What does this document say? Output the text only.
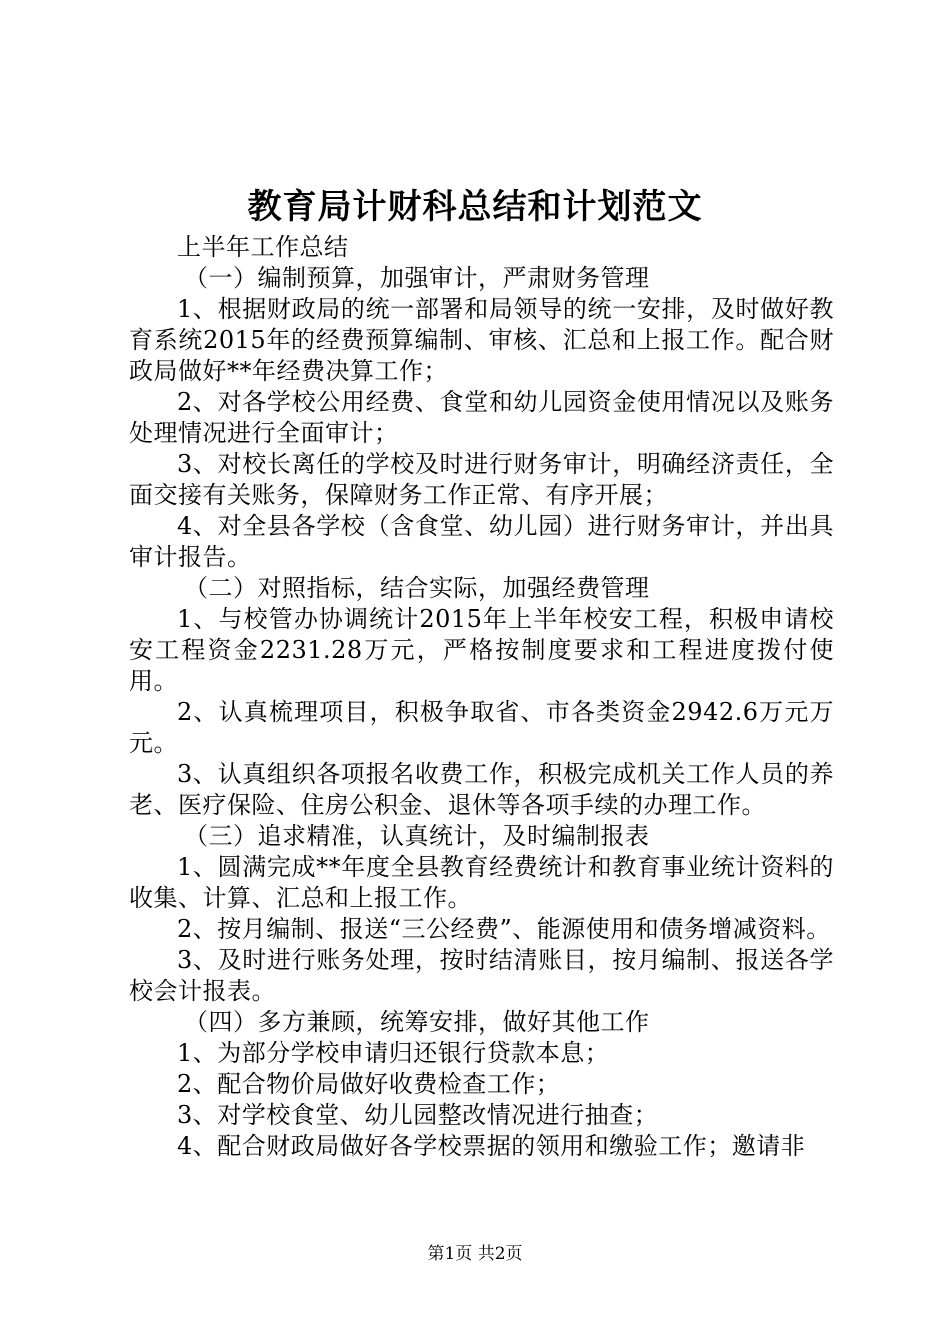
教育局计财科总结和计划范文

上半年工作总结

（一）编制预算，加强审计，严肃财务管理

1、根据财政局的统一部署和局领导的统一安排，及时做好教育系统2015年的经费预算编制、审核、汇总和上报工作。配合财政局做好**年经费决算工作；

2、对各学校公用经费、食堂和幼儿园资金使用情况以及账务处理情况进行全面审计；

3、对校长离任的学校及时进行财务审计，明确经济责任，全面交接有关账务，保障财务工作正常、有序开展；

4、对全县各学校（含食堂、幼儿园）进行财务审计，并出具审计报告。

（二）对照指标，结合实际，加强经费管理

1、与校管办协调统计2015年上半年校安工程，积极申请校安工程资金2231.28万元，严格按制度要求和工程进度拨付使用。

2、认真梳理项目，积极争取省、市各类资金2942.6万元万元。

3、认真组织各项报名收费工作，积极完成机关工作人员的养老、医疗保险、住房公积金、退休等各项手续的办理工作。

（三）追求精准，认真统计，及时编制报表

1、圆满完成**年度全县教育经费统计和教育事业统计资料的收集、计算、汇总和上报工作。

2、按月编制、报送“三公经费”、能源使用和债务增减资料。

3、及时进行账务处理，按时结清账目，按月编制、报送各学校会计报表。

（四）多方兼顾，统筹安排，做好其他工作

1、为部分学校申请归还银行贷款本息；

2、配合物价局做好收费检查工作；

3、对学校食堂、幼儿园整改情况进行抽查；

4、配合财政局做好各学校票据的领用和缴验工作；邀请非

第1页 共2页
